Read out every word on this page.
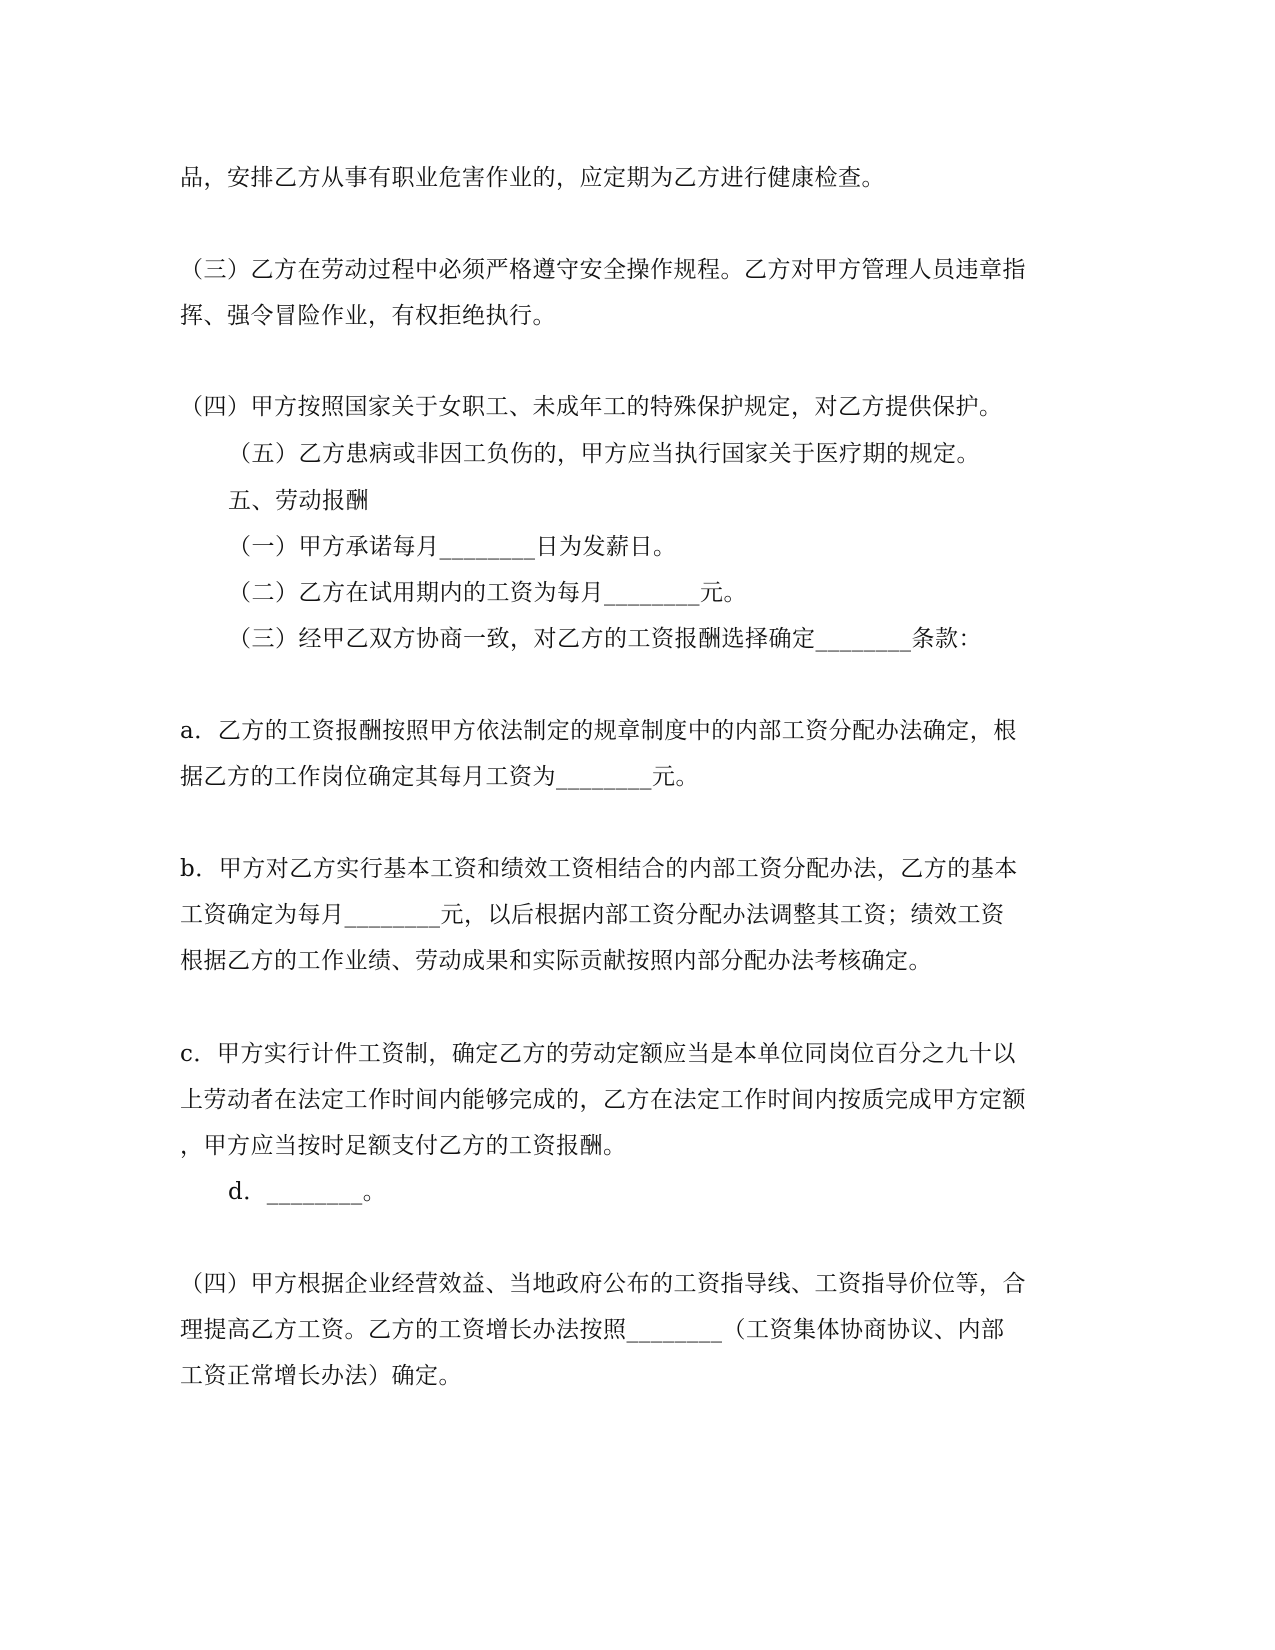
品，安排乙方从事有职业危害作业的，应定期为乙方进行健康检查。
（三）乙方在劳动过程中必须严格遵守安全操作规程。乙方对甲方管理人员违章指
挥、强令冒险作业，有权拒绝执行。
（四）甲方按照国家关于女职工、未成年工的特殊保护规定，对乙方提供保护。
（五）乙方患病或非因工负伤的，甲方应当执行国家关于医疗期的规定。
五、劳动报酬
（一）甲方承诺每月________日为发薪日。
（二）乙方在试用期内的工资为每月________元。
（三）经甲乙双方协商一致，对乙方的工资报酬选择确定________条款：
a．乙方的工资报酬按照甲方依法制定的规章制度中的内部工资分配办法确定，根
据乙方的工作岗位确定其每月工资为________元。
b．甲方对乙方实行基本工资和绩效工资相结合的内部工资分配办法，乙方的基本
工资确定为每月________元，以后根据内部工资分配办法调整其工资；绩效工资
根据乙方的工作业绩、劳动成果和实际贡献按照内部分配办法考核确定。
c．甲方实行计件工资制，确定乙方的劳动定额应当是本单位同岗位百分之九十以
上劳动者在法定工作时间内能够完成的，乙方在法定工作时间内按质完成甲方定额
，甲方应当按时足额支付乙方的工资报酬。
d．________。
（四）甲方根据企业经营效益、当地政府公布的工资指导线、工资指导价位等，合
理提高乙方工资。乙方的工资增长办法按照________（工资集体协商协议、内部
工资正常增长办法）确定。
